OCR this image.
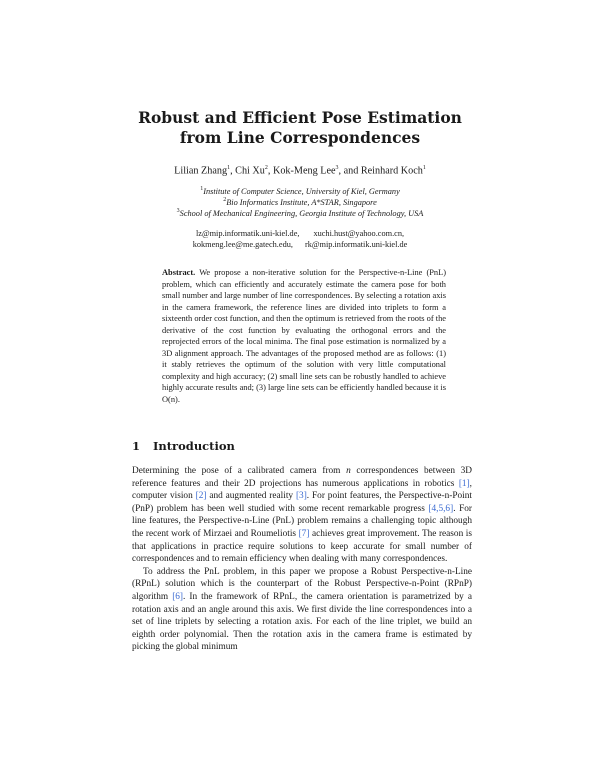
Robust and Efficient Pose Estimation
from Line Correspondences
Lilian Zhang$^1$, Chi Xu$^2$, Kok-Meng Lee$^3$, and Reinhard Koch$^1$
$^1$Institute of Computer Science, University of Kiel, Germany
$^2$Bio Informatics Institute, A*STAR, Singapore
$^3$School of Mechanical Engineering, Georgia Institute of Technology, USA
lz@mip.informatik.uni-kiel.de, xuchi.hust@yahoo.com.cn,
kokmeng.lee@me.gatech.edu, rk@mip.informatik.uni-kiel.de
Abstract. We propose a non-iterative solution for the Perspective-n-Line (PnL) problem, which can efficiently and accurately estimate the camera pose for both small number and large number of line correspondences. By selecting a rotation axis in the camera framework, the reference lines are divided into triplets to form a sixteenth order cost function, and then the optimum is retrieved from the roots of the derivative of the cost function by evaluating the orthogonal errors and the reprojected errors of the local minima. The final pose estimation is normalized by a 3D alignment approach. The advantages of the proposed method are as follows: (1) it stably retrieves the optimum of the solution with very little computational complexity and high accuracy; (2) small line sets can be robustly handled to achieve highly accurate results and; (3) large line sets can be efficiently handled because it is O(n).
1 Introduction

Determining the pose of a calibrated camera from n correspondences between 3D reference features and their 2D projections has numerous applications in robotics [1], computer vision [2] and augmented reality [3]. For point features, the Perspective-n-Point (PnP) problem has been well studied with some recent remarkable progress [4,5,6]. For line features, the Perspective-n-Line (PnL) problem remains a challenging topic although the recent work of Mirzaei and Roumeliotis [7] achieves great improvement. The reason is that applications in practice require solutions to keep accurate for small number of correspondences and to remain efficiency when dealing with many correspondences.

To address the PnL problem, in this paper we propose a Robust Perspective-n-Line (RPnL) solution which is the counterpart of the Robust Perspective-n-Point (RPnP) algorithm [6]. In the framework of RPnL, the camera orientation is parametrized by a rotation axis and an angle around this axis. We first divide the line correspondences into a set of line triplets by selecting a rotation axis. For each of the line triplet, we build an eighth order polynomial. Then the rotation axis in the camera frame is estimated by picking the global minimum
